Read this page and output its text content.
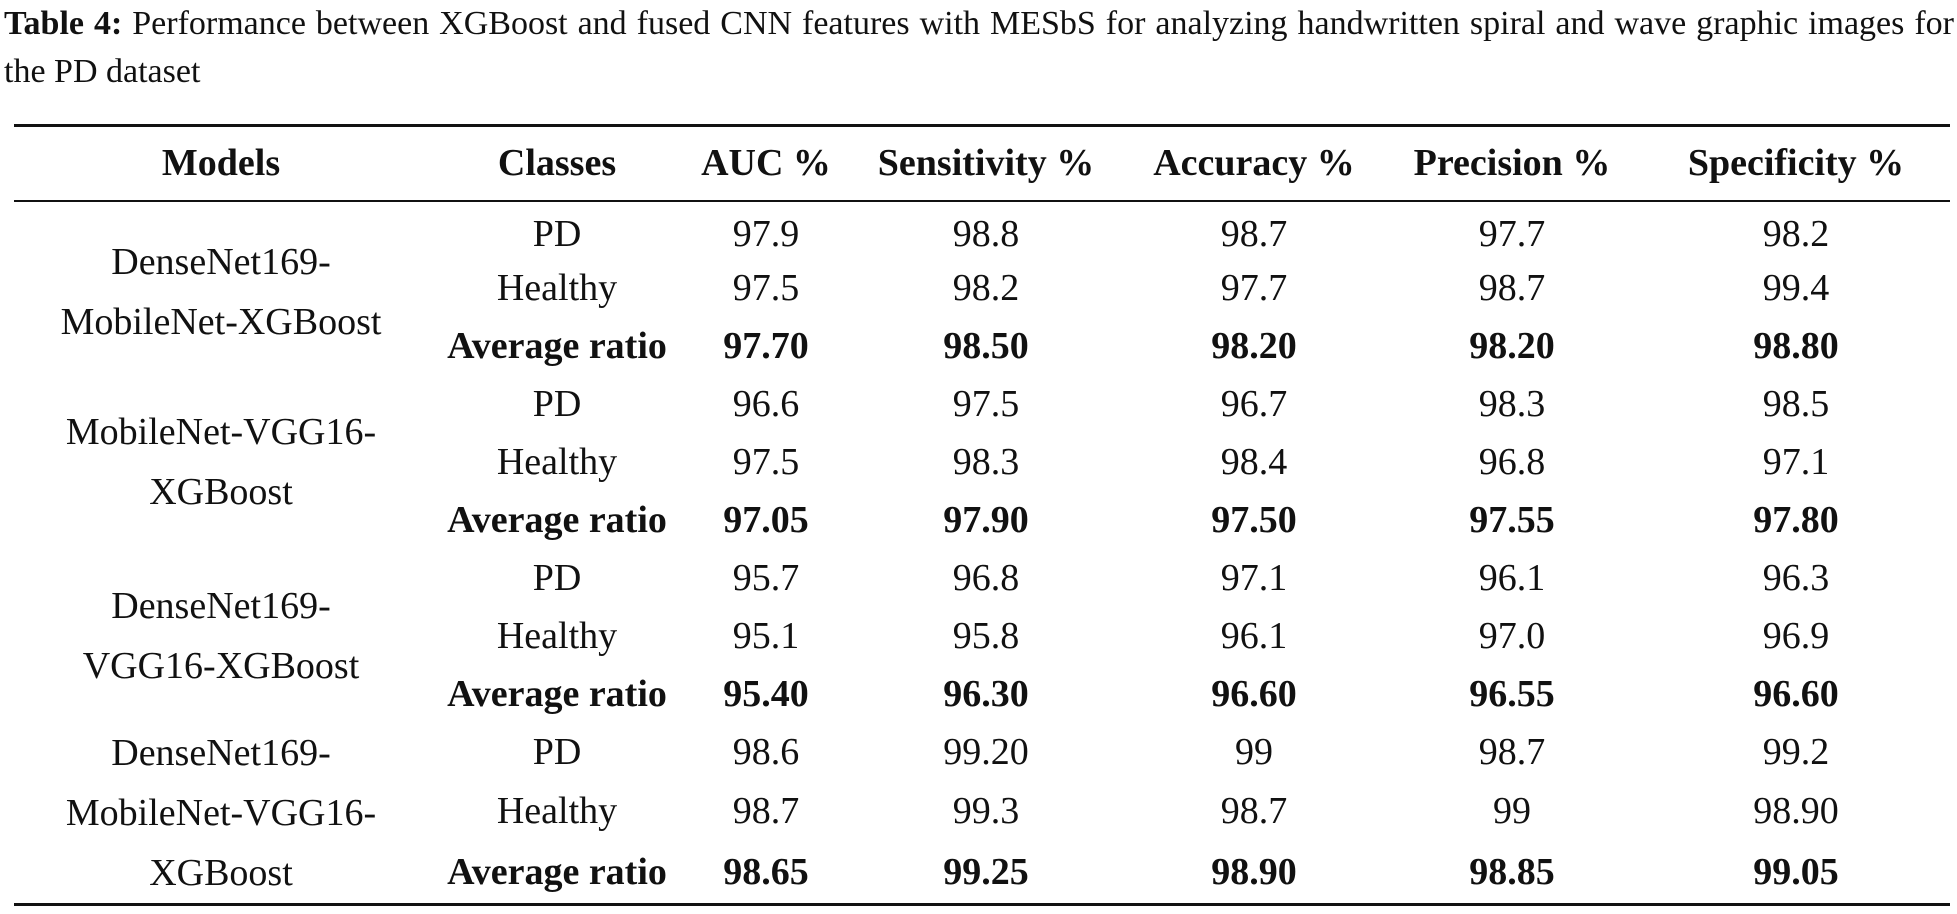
Table 4: Performance between XGBoost and fused CNN features with MESbS for analyzing handwritten spiral and wave graphic images for the PD dataset
Models	Classes	AUC %	Sensitivity %	Accuracy %	Precision %	Specificity %
DenseNet169-
MobileNet-XGBoost	PD	97.9	98.8	98.7	97.7	98.2
	Healthy	97.5	98.2	97.7	98.7	99.4
	Average ratio	97.70	98.50	98.20	98.20	98.80
MobileNet-VGG16-
XGBoost	PD	96.6	97.5	96.7	98.3	98.5
	Healthy	97.5	98.3	98.4	96.8	97.1
	Average ratio	97.05	97.90	97.50	97.55	97.80
DenseNet169-
VGG16-XGBoost	PD	95.7	96.8	97.1	96.1	96.3
	Healthy	95.1	95.8	96.1	97.0	96.9
	Average ratio	95.40	96.30	96.60	96.55	96.60
DenseNet169-
MobileNet-VGG16-
XGBoost	PD	98.6	99.20	99	98.7	99.2
	Healthy	98.7	99.3	98.7	99	98.90
	Average ratio	98.65	99.25	98.90	98.85	99.05
